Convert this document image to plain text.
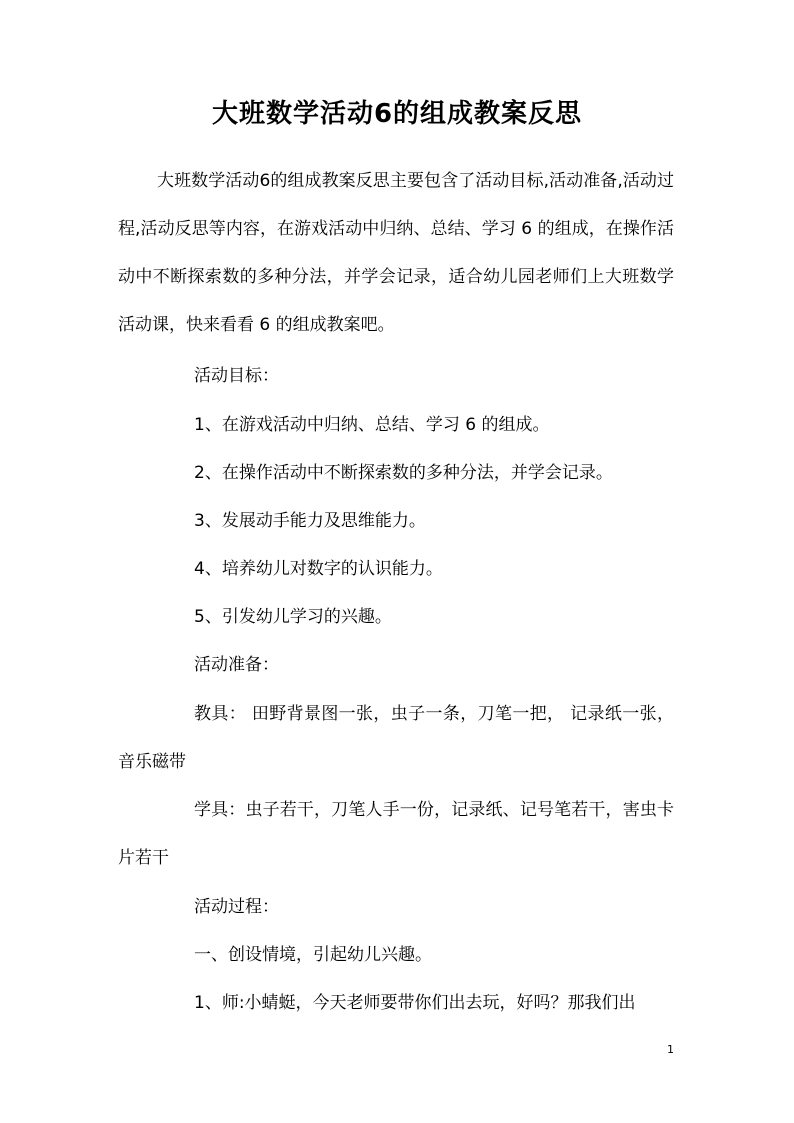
大班数学活动6的组成教案反思
大班数学活动6的组成教案反思主要包含了活动目标,活动准备,活动过程,活动反思等内容，在游戏活动中归纳、总结、学习 6 的组成，在操作活动中不断探索数的多种分法，并学会记录，适合幼儿园老师们上大班数学活动课，快来看看 6 的组成教案吧。
活动目标：
1、在游戏活动中归纳、总结、学习 6 的组成。
2、在操作活动中不断探索数的多种分法，并学会记录。
3、发展动手能力及思维能力。
4、培养幼儿对数字的认识能力。
5、引发幼儿学习的兴趣。
活动准备：
教具： 田野背景图一张，虫子一条，刀笔一把， 记录纸一张，音乐磁带
学具：虫子若干，刀笔人手一份，记录纸、记号笔若干，害虫卡片若干
活动过程：
一、创设情境，引起幼儿兴趣。
1、师:小蜻蜓，今天老师要带你们出去玩，好吗？那我们出
1
